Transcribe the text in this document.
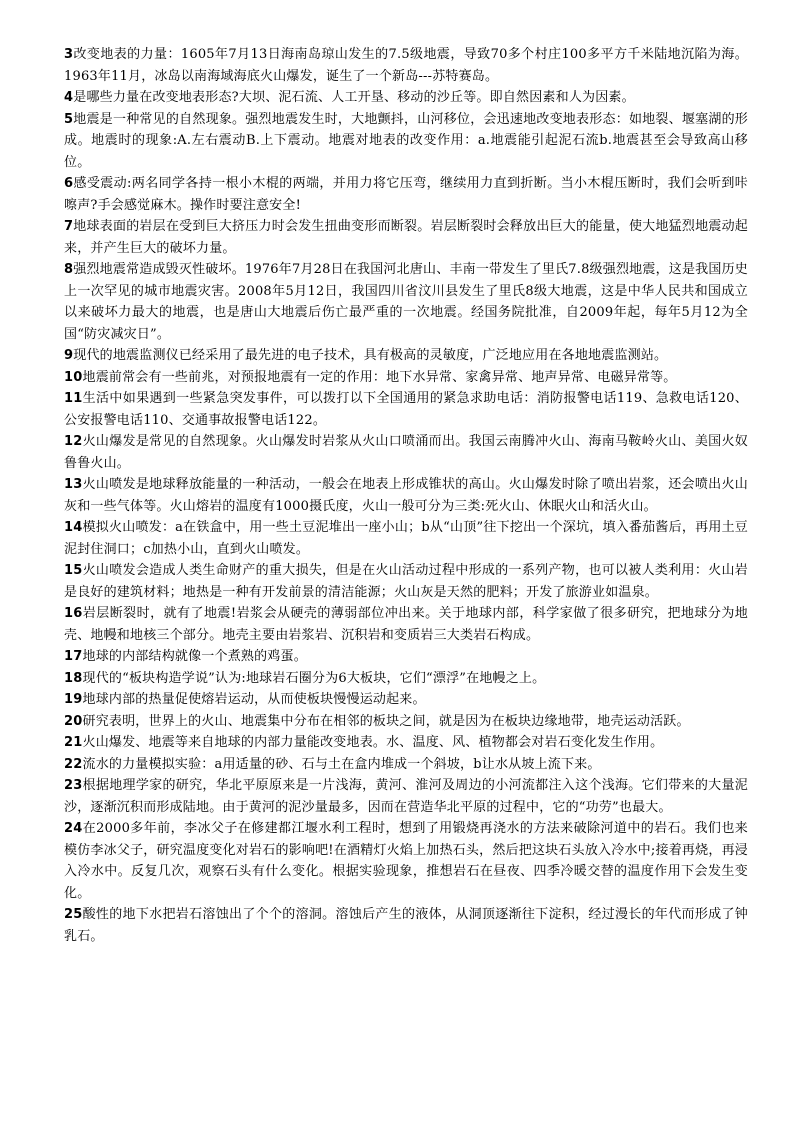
3改变地表的力量：1605年7月13日海南岛琼山发生的7.5级地震，导致70多个村庄100多平方千米陆地沉陷为海。1963年11月，冰岛以南海域海底火山爆发，诞生了一个新岛---苏特赛岛。

4是哪些力量在改变地表形态?大坝、泥石流、人工开垦、移动的沙丘等。即自然因素和人为因素。

5地震是一种常见的自然现象。强烈地震发生时，大地颤抖，山河移位，会迅速地改变地表形态：如地裂、堰塞湖的形成。地震时的现象:A.左右震动B.上下震动。地震对地表的改变作用：a.地震能引起泥石流b.地震甚至会导致高山移位。

6感受震动:两名同学各持一根小木棍的两端，并用力将它压弯，继续用力直到折断。当小木棍压断时，我们会听到咔嚓声?手会感觉麻木。操作时要注意安全!

7地球表面的岩层在受到巨大挤压力时会发生扭曲变形而断裂。岩层断裂时会释放出巨大的能量，使大地猛烈地震动起来，并产生巨大的破坏力量。

8强烈地震常造成毁灭性破坏。1976年7月28日在我国河北唐山、丰南一带发生了里氏7.8级强烈地震，这是我国历史上一次罕见的城市地震灾害。2008年5月12日，我国四川省汶川县发生了里氏8级大地震，这是中华人民共和国成立以来破坏力最大的地震，也是唐山大地震后伤亡最严重的一次地震。经国务院批准，自2009年起，每年5月12为全国“防灾减灾日”。

9现代的地震监测仪已经采用了最先进的电子技术，具有极高的灵敏度，广泛地应用在各地地震监测站。

10地震前常会有一些前兆，对预报地震有一定的作用：地下水异常、家禽异常、地声异常、电磁异常等。

11生活中如果遇到一些紧急突发事件，可以拨打以下全国通用的紧急求助电话：消防报警电话119、急救电话120、公安报警电话110、交通事故报警电话122。

12火山爆发是常见的自然现象。火山爆发时岩浆从火山口喷涌而出。我国云南腾冲火山、海南马鞍岭火山、美国火奴鲁鲁火山。

13火山喷发是地球释放能量的一种活动，一般会在地表上形成锥状的高山。火山爆发时除了喷出岩浆，还会喷出火山灰和一些气体等。火山熔岩的温度有1000摄氏度，火山一般可分为三类:死火山、休眠火山和活火山。

14模拟火山喷发：a在铁盒中，用一些土豆泥堆出一座小山；b从“山顶”往下挖出一个深坑，填入番茄酱后，再用土豆泥封住洞口；c加热小山，直到火山喷发。

15火山喷发会造成人类生命财产的重大损失，但是在火山活动过程中形成的一系列产物，也可以被人类利用：火山岩是良好的建筑材料；地热是一种有开发前景的清洁能源；火山灰是天然的肥料；开发了旅游业如温泉。

16岩层断裂时，就有了地震!岩浆会从硬壳的薄弱部位冲出来。关于地球内部，科学家做了很多研究，把地球分为地壳、地幔和地核三个部分。地壳主要由岩浆岩、沉积岩和变质岩三大类岩石构成。

17地球的内部结构就像一个煮熟的鸡蛋。

18现代的“板块构造学说”认为:地球岩石圈分为6大板块，它们“漂浮”在地幔之上。

19地球内部的热量促使熔岩运动，从而使板块慢慢运动起来。

20研究表明，世界上的火山、地震集中分布在相邻的板块之间，就是因为在板块边缘地带，地壳运动活跃。

21火山爆发、地震等来自地球的内部力量能改变地表。水、温度、风、植物都会对岩石变化发生作用。

22流水的力量模拟实验：a用适量的砂、石与土在盒内堆成一个斜坡，b让水从坡上流下来。

23根据地理学家的研究，华北平原原来是一片浅海，黄河、淮河及周边的小河流都注入这个浅海。它们带来的大量泥沙，逐渐沉积而形成陆地。由于黄河的泥沙量最多，因而在营造华北平原的过程中，它的“功劳”也最大。

24在2000多年前，李冰父子在修建都江堰水利工程时，想到了用锻烧再浇水的方法来破除河道中的岩石。我们也来模仿李冰父子，研究温度变化对岩石的影响吧!在酒精灯火焰上加热石头，然后把这块石头放入冷水中;接着再烧，再浸入冷水中。反复几次，观察石头有什么变化。根据实验现象，推想岩石在昼夜、四季冷暖交替的温度作用下会发生变化。

25酸性的地下水把岩石溶蚀出了个个的溶洞。溶蚀后产生的液体，从洞顶逐渐往下淀积，经过漫长的年代而形成了钟乳石。
